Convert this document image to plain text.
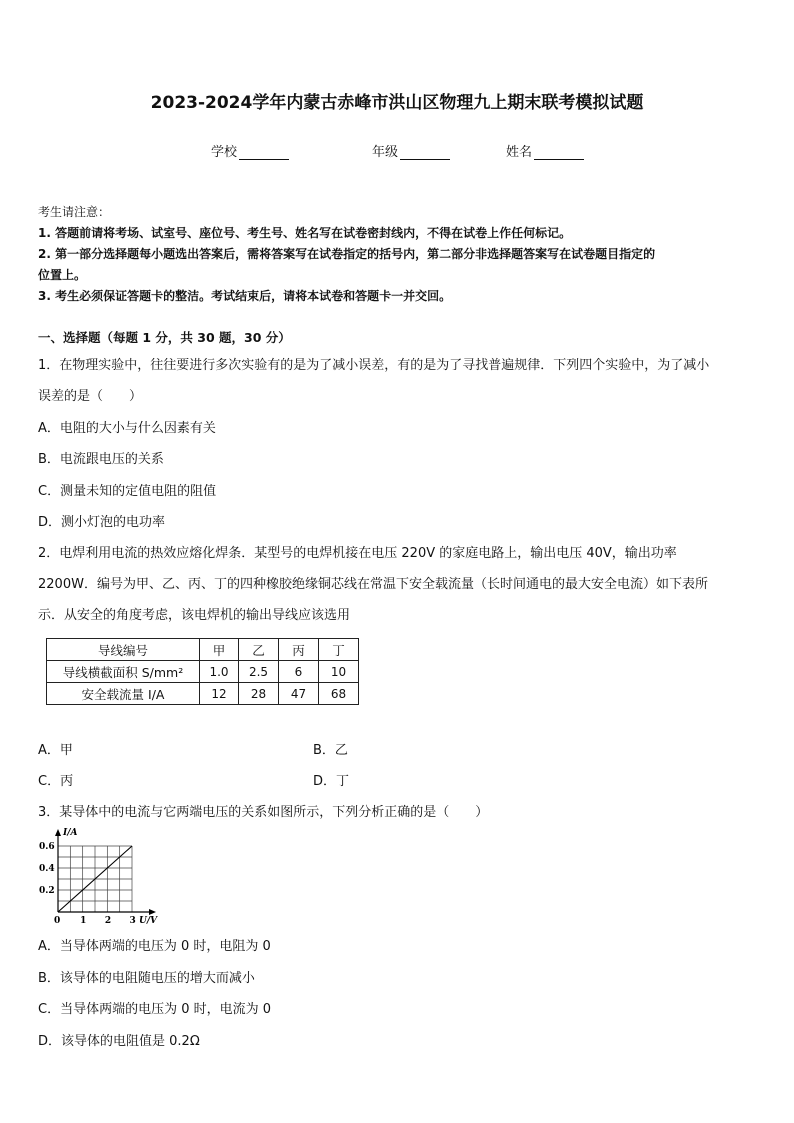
2023-2024学年内蒙古赤峰市洪山区物理九上期末联考模拟试题
学校	年级	姓名
考生请注意：
1. 答题前请将考场、试室号、座位号、考生号、姓名写在试卷密封线内，不得在试卷上作任何标记。
2. 第一部分选择题每小题选出答案后，需将答案写在试卷指定的括号内，第二部分非选择题答案写在试卷题目指定的
位置上。
3. 考生必须保证答题卡的整洁。考试结束后，请将本试卷和答题卡一并交回。
一、选择题（每题 1 分，共 30 题，30 分）
1．在物理实验中，往往要进行多次实验有的是为了减小误差，有的是为了寻找普遍规律．下列四个实验中，为了减小
误差的是（　　）
A．电阻的大小与什么因素有关
B．电流跟电压的关系
C．测量未知的定值电阻的阻值
D．测小灯泡的电功率
2．电焊利用电流的热效应熔化焊条．某型号的电焊机接在电压 220V 的家庭电路上，输出电压 40V，输出功率
2200W．编号为甲、乙、丙、丁的四种橡胶绝缘铜芯线在常温下安全载流量（长时间通电的最大安全电流）如下表所
示．从安全的角度考虑，该电焊机的输出导线应该选用
导线编号	甲	乙	丙	丁
导线横截面积 S/mm²	1.0	2.5	6	10
安全载流量 I/A	12	28	47	68
A．甲	B．乙
C．丙	D．丁
3．某导体中的电流与它两端电压的关系如图所示，下列分析正确的是（　　）
0 1 2 3
0.2
0.4
0.6
U/V
I/A
A．当导体两端的电压为 0 时，电阻为 0
B．该导体的电阻随电压的增大而减小
C．当导体两端的电压为 0 时，电流为 0
D．该导体的电阻值是 0.2Ω
